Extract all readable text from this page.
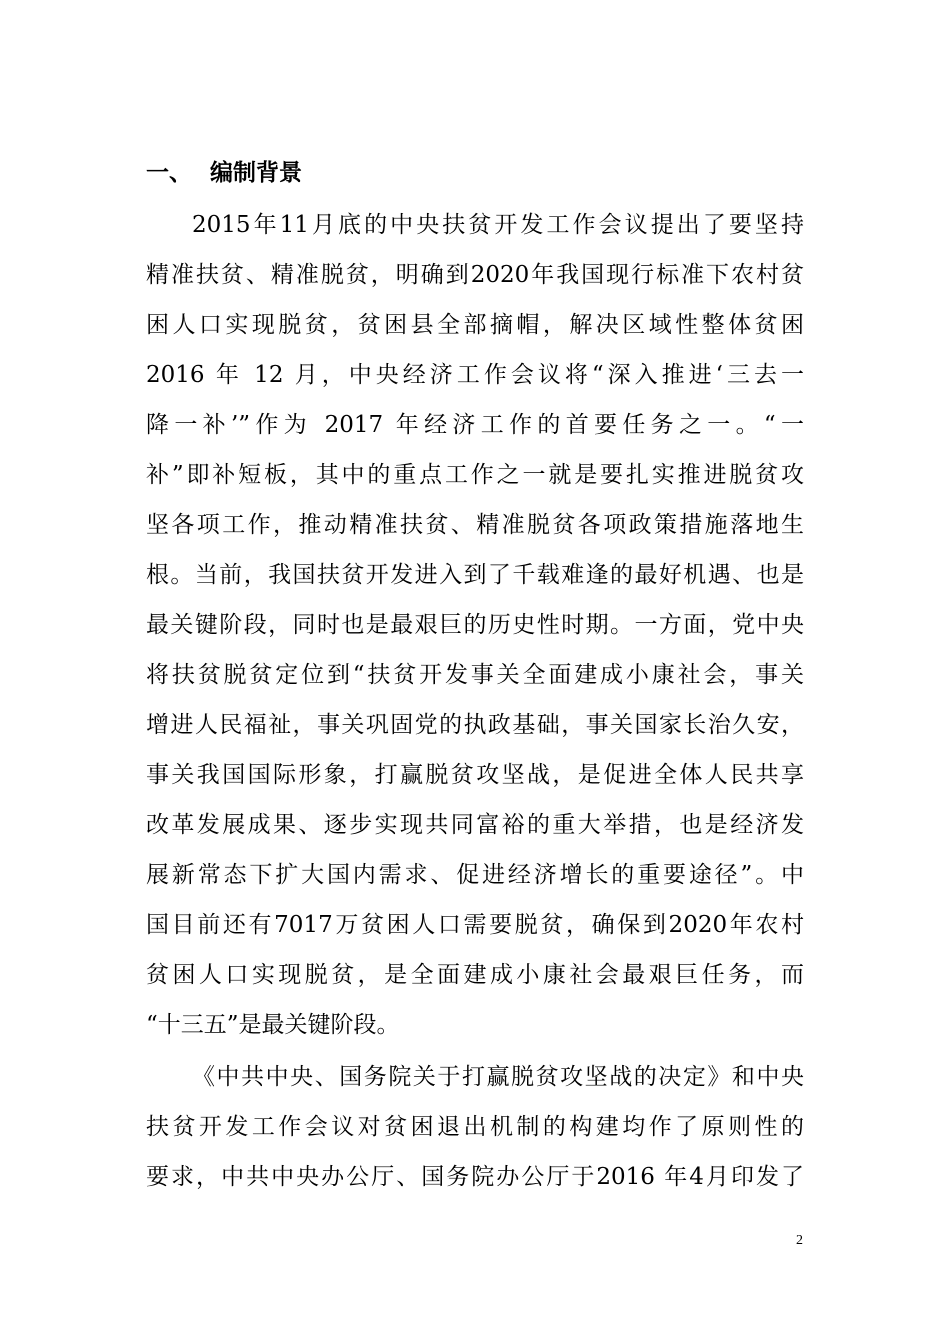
一、 编制背景

2015年11月底的中央扶贫开发工作会议提出了要坚持

精准扶贫、精准脱贫，明确到2020年我国现行标准下农村贫

困人口实现脱贫，贫困县全部摘帽，解决区域性整体贫困

2016 年 12 月，中央经济工作会议将“深入推进‘三去一

降一补’”作为 2017 年经济工作的首要任务之一。“一

补”即补短板，其中的重点工作之一就是要扎实推进脱贫攻

坚各项工作，推动精准扶贫、精准脱贫各项政策措施落地生

根。当前，我国扶贫开发进入到了千载难逢的最好机遇、也是

最关键阶段，同时也是最艰巨的历史性时期。一方面，党中央

将扶贫脱贫定位到“扶贫开发事关全面建成小康社会，事关

增进人民福祉，事关巩固党的执政基础，事关国家长治久安，

事关我国国际形象，打赢脱贫攻坚战，是促进全体人民共享

改革发展成果、逐步实现共同富裕的重大举措，也是经济发

展新常态下扩大国内需求、促进经济增长的重要途径”。中

国目前还有7017万贫困人口需要脱贫，确保到2020年农村

贫困人口实现脱贫，是全面建成小康社会最艰巨任务，而

“十三五”是最关键阶段。

《中共中央、国务院关于打赢脱贫攻坚战的决定》和中央

扶贫开发工作会议对贫困退出机制的构建均作了原则性的

要求，中共中央办公厅、国务院办公厅于2016 年4月印发了

2
